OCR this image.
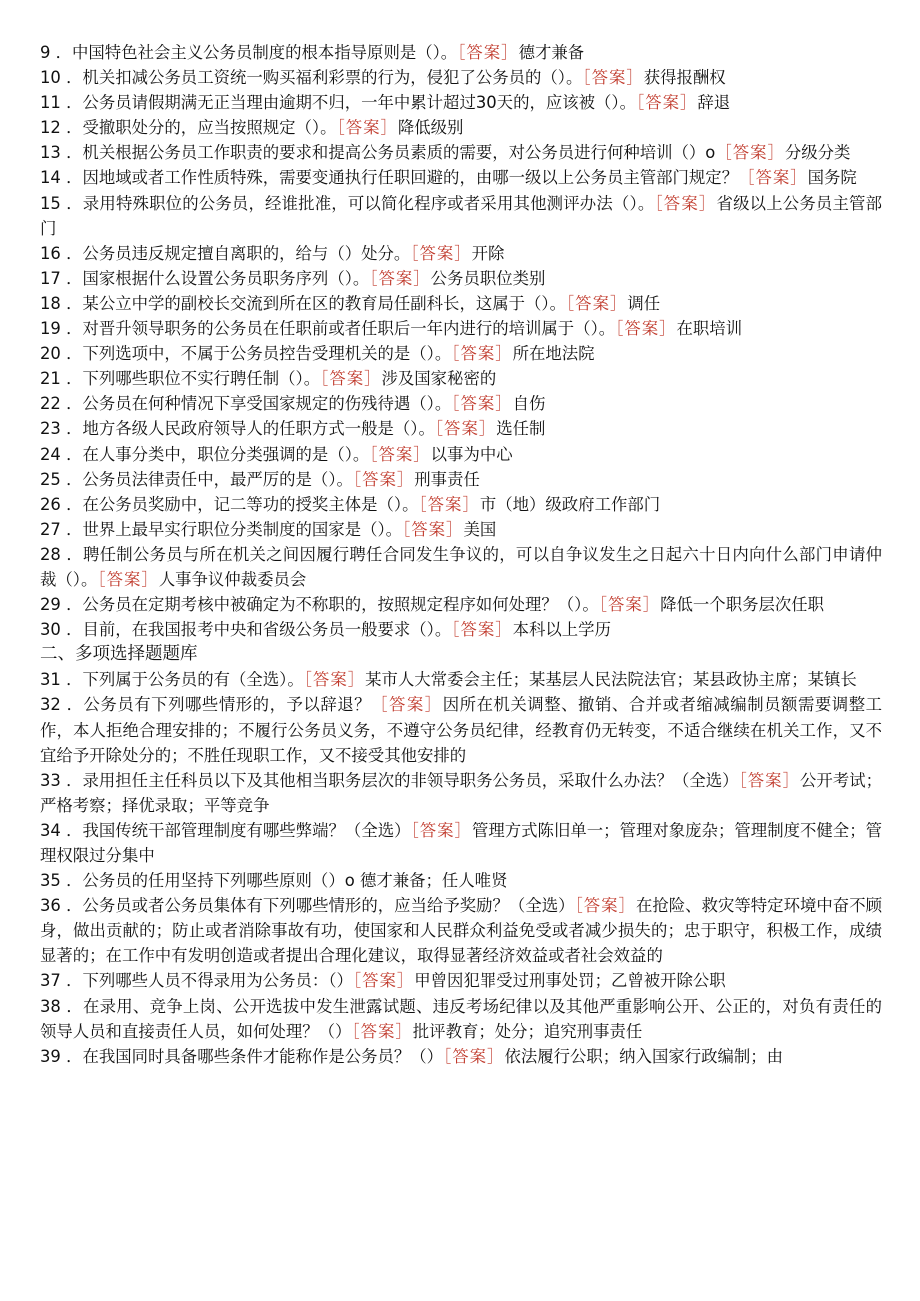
9 ．中国特色社会主义公务员制度的根本指导原则是（）。［答案］德才兼备

10 ．机关扣减公务员工资统一购买福利彩票的行为，侵犯了公务员的（）。［答案］获得报酬权

11 ．公务员请假期满无正当理由逾期不归，一年中累计超过30天的，应该被（）。［答案］辞退

12 ．受撤职处分的，应当按照规定（）。［答案］降低级别

13 ．机关根据公务员工作职责的要求和提高公务员素质的需要，对公务员进行何种培训（）o［答案］分级分类

14 ．因地域或者工作性质特殊，需要变通执行任职回避的，由哪一级以上公务员主管部门规定？［答案］国务院

15 ．录用特殊职位的公务员，经谁批准，可以简化程序或者采用其他测评办法（）。［答案］省级以上公务员主管部门

16 ．公务员违反规定擅自离职的，给与（）处分。［答案］开除

17 ．国家根据什么设置公务员职务序列（）。［答案］公务员职位类别

18 ．某公立中学的副校长交流到所在区的教育局任副科长，这属于（）。［答案］调任

19 ．对晋升领导职务的公务员在任职前或者任职后一年内进行的培训属于（）。［答案］在职培训

20 ．下列选项中，不属于公务员控告受理机关的是（）。［答案］所在地法院

21 ．下列哪些职位不实行聘任制（）。［答案］涉及国家秘密的

22 ．公务员在何种情况下享受国家规定的伤残待遇（）。［答案］自伤

23 ．地方各级人民政府领导人的任职方式一般是（）。［答案］选任制

24 ．在人事分类中，职位分类强调的是（）。［答案］以事为中心

25 ．公务员法律责任中，最严厉的是（）。［答案］刑事责任

26 ．在公务员奖励中，记二等功的授奖主体是（）。［答案］市（地）级政府工作部门

27 ．世界上最早实行职位分类制度的国家是（）。［答案］美国

28 ．聘任制公务员与所在机关之间因履行聘任合同发生争议的，可以自争议发生之日起六十日内向什么部门申请仲裁（）。［答案］人事争议仲裁委员会

29 ．公务员在定期考核中被确定为不称职的，按照规定程序如何处理？（）。［答案］降低一个职务层次任职

30 ．目前，在我国报考中央和省级公务员一般要求（）。［答案］本科以上学历

二、多项选择题题库

31 ．下列属于公务员的有（全选）。［答案］某市人大常委会主任；某基层人民法院法官；某县政协主席；某镇长

32 ．公务员有下列哪些情形的，予以辞退？［答案］因所在机关调整、撤销、合并或者缩减编制员额需要调整工作，本人拒绝合理安排的；不履行公务员义务，不遵守公务员纪律，经教育仍无转变，不适合继续在机关工作，又不宜给予开除处分的；不胜任现职工作，又不接受其他安排的

33 ．录用担任主任科员以下及其他相当职务层次的非领导职务公务员，采取什么办法？（全选）［答案］公开考试；严格考察；择优录取；平等竞争

34 ．我国传统干部管理制度有哪些弊端？（全选）［答案］管理方式陈旧单一；管理对象庞杂；管理制度不健全；管理权限过分集中

35 ．公务员的任用坚持下列哪些原则（）o 德才兼备；任人唯贤

36 ．公务员或者公务员集体有下列哪些情形的，应当给予奖励？（全选）［答案］在抢险、救灾等特定环境中奋不顾身，做出贡献的；防止或者消除事故有功，使国家和人民群众利益免受或者减少损失的；忠于职守，积极工作，成绩显著的；在工作中有发明创造或者提出合理化建议，取得显著经济效益或者社会效益的

37 ．下列哪些人员不得录用为公务员：（）［答案］甲曾因犯罪受过刑事处罚；乙曾被开除公职

38 ．在录用、竞争上岗、公开选拔中发生泄露试题、违反考场纪律以及其他严重影响公开、公正的，对负有责任的领导人员和直接责任人员，如何处理？（）［答案］批评教育；处分；追究刑事责任

39 ．在我国同时具备哪些条件才能称作是公务员？（）［答案］依法履行公职；纳入国家行政编制；由
